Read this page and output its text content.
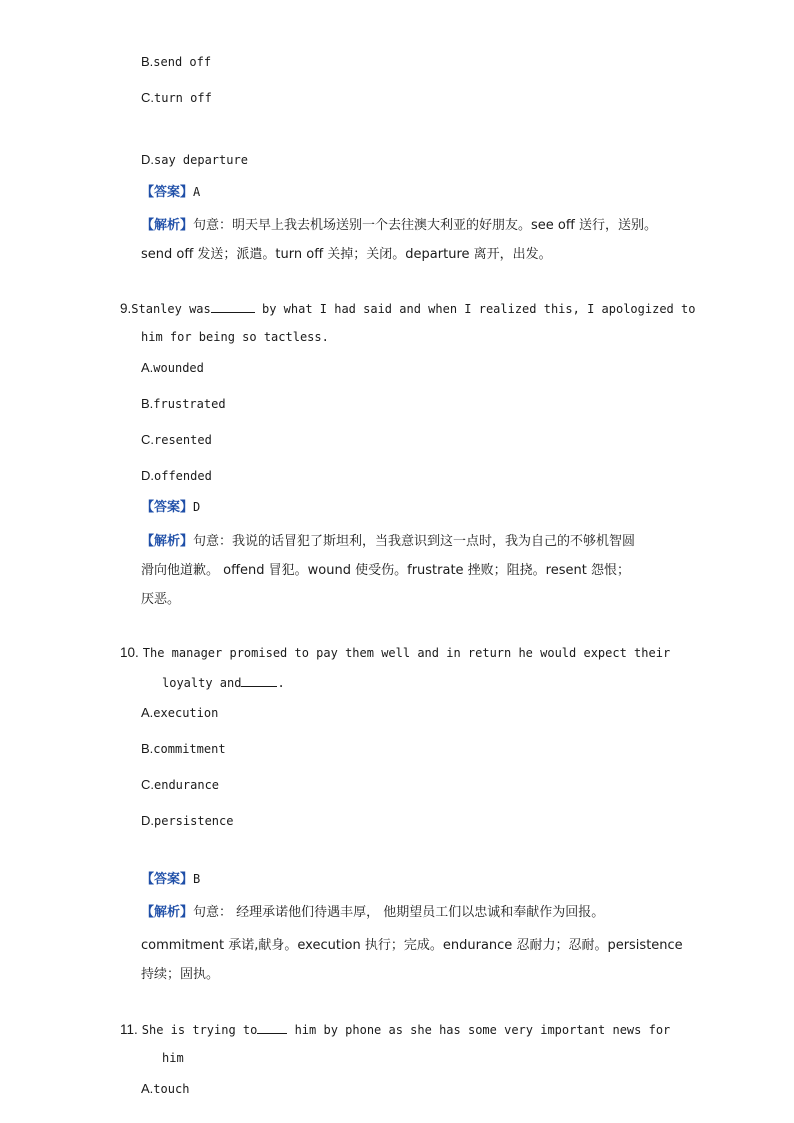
B.send off
C.turn off
D.say departure
【答案】A
【解析】句意：明天早上我去机场送别一个去往澳大利亚的好朋友。see off 送行，送别。
send off 发送；派遣。turn off 关掉；关闭。departure 离开，出发。
9.Stanley was	by what I had said and when I realized this, I apologized to
him for being so tactless.
A.wounded
B.frustrated
C.resented
D.offended
【答案】D
【解析】句意：我说的话冒犯了斯坦利，当我意识到这一点时，我为自己的不够机智圆
滑向他道歉。 offend 冒犯。wound 使受伤。frustrate 挫败；阻挠。resent 怨恨；
厌恶。
10. The manager promised to pay them well and in return he would expect their
loyalty and	.
A.execution
B.commitment
C.endurance
D.persistence
【答案】B
【解析】句意： 经理承诺他们待遇丰厚， 他期望员工们以忠诚和奉献作为回报。
commitment 承诺,献身。execution 执行；完成。endurance 忍耐力；忍耐。persistence
持续；固执。
11. She is trying to	him by phone as she has some very important news for
him
A.touch
